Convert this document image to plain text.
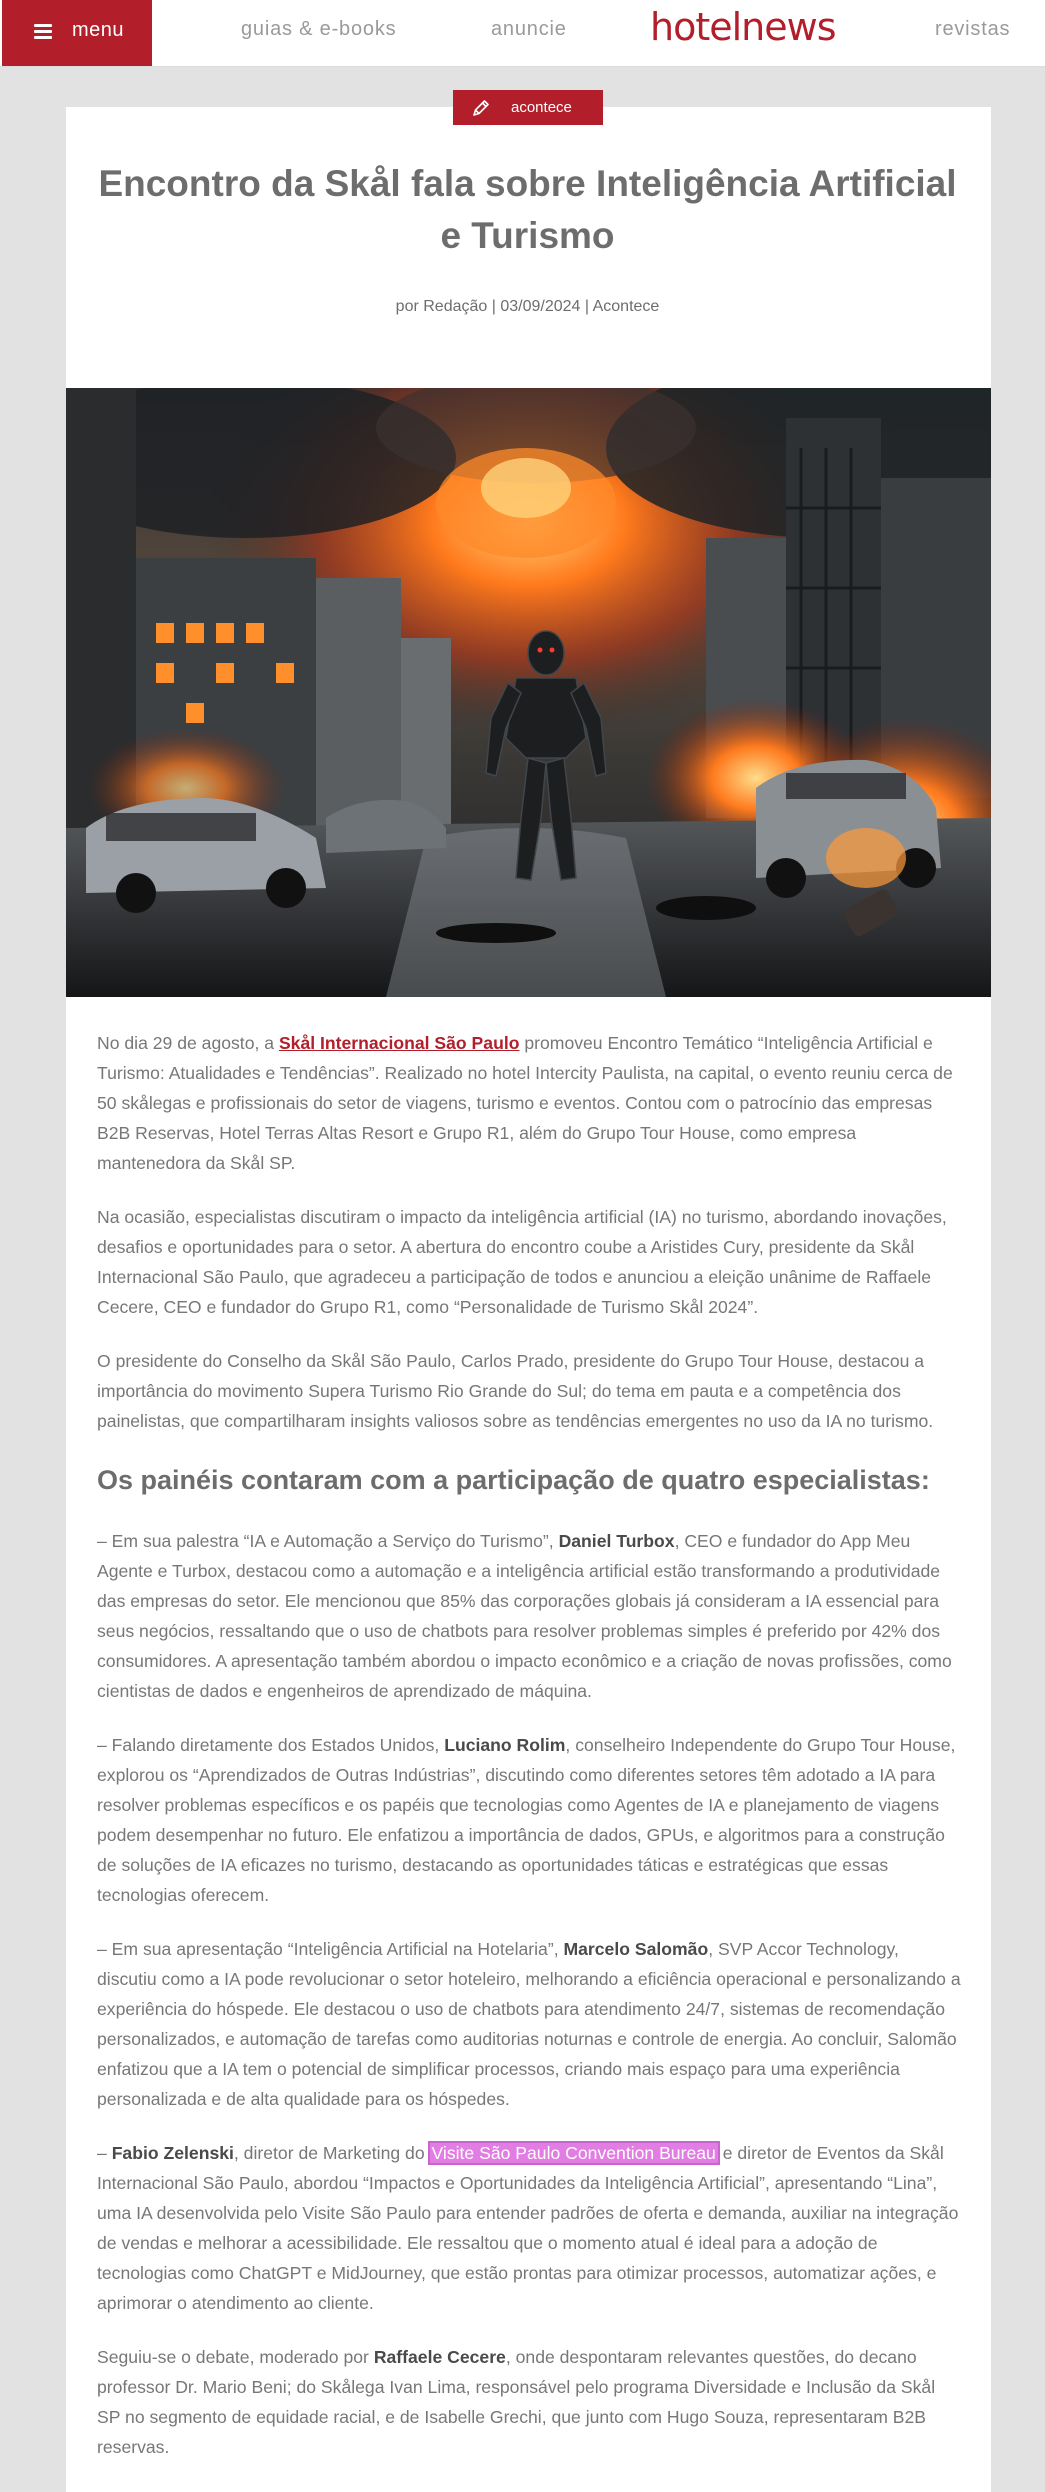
menu	guias & e-books	anuncie hotelnews	revistas
acontece
Encontro da Skål fala sobre Inteligência Artificial e Turismo
por Redação | 03/09/2024 | Acontece

No dia 29 de agosto, a Skål Internacional São Paulo promoveu Encontro Temático “Inteligência Artificial e Turismo: Atualidades e Tendências”. Realizado no hotel Intercity Paulista, na capital, o evento reuniu cerca de 50 skålegas e profissionais do setor de viagens, turismo e eventos. Contou com o patrocínio das empresas B2B Reservas, Hotel Terras Altas Resort e Grupo R1, além do Grupo Tour House, como empresa mantenedora da Skål SP.

Na ocasião, especialistas discutiram o impacto da inteligência artificial (IA) no turismo, abordando inovações, desafios e oportunidades para o setor. A abertura do encontro coube a Aristides Cury, presidente da Skål Internacional São Paulo, que agradeceu a participação de todos e anunciou a eleição unânime de Raffaele Cecere, CEO e fundador do Grupo R1, como “Personalidade de Turismo Skål 2024”.

O presidente do Conselho da Skål São Paulo, Carlos Prado, presidente do Grupo Tour House, destacou a importância do movimento Supera Turismo Rio Grande do Sul; do tema em pauta e a competência dos painelistas, que compartilharam insights valiosos sobre as tendências emergentes no uso da IA no turismo.

Os painéis contaram com a participação de quatro especialistas:

– Em sua palestra “IA e Automação a Serviço do Turismo”, Daniel Turbox, CEO e fundador do App Meu Agente e Turbox, destacou como a automação e a inteligência artificial estão transformando a produtividade das empresas do setor. Ele mencionou que 85% das corporações globais já consideram a IA essencial para seus negócios, ressaltando que o uso de chatbots para resolver problemas simples é preferido por 42% dos consumidores. A apresentação também abordou o impacto econômico e a criação de novas profissões, como cientistas de dados e engenheiros de aprendizado de máquina.

– Falando diretamente dos Estados Unidos, Luciano Rolim, conselheiro Independente do Grupo Tour House, explorou os “Aprendizados de Outras Indústrias”, discutindo como diferentes setores têm adotado a IA para resolver problemas específicos e os papéis que tecnologias como Agentes de IA e planejamento de viagens podem desempenhar no futuro. Ele enfatizou a importância de dados, GPUs, e algoritmos para a construção de soluções de IA eficazes no turismo, destacando as oportunidades táticas e estratégicas que essas tecnologias oferecem.

– Em sua apresentação “Inteligência Artificial na Hotelaria”, Marcelo Salomão, SVP Accor Technology, discutiu como a IA pode revolucionar o setor hoteleiro, melhorando a eficiência operacional e personalizando a experiência do hóspede. Ele destacou o uso de chatbots para atendimento 24/7, sistemas de recomendação personalizados, e automação de tarefas como auditorias noturnas e controle de energia. Ao concluir, Salomão enfatizou que a IA tem o potencial de simplificar processos, criando mais espaço para uma experiência personalizada e de alta qualidade para os hóspedes.

– Fabio Zelenski, diretor de Marketing do Visite São Paulo Convention Bureau e diretor de Eventos da Skål Internacional São Paulo, abordou “Impactos e Oportunidades da Inteligência Artificial”, apresentando “Lina”, uma IA desenvolvida pelo Visite São Paulo para entender padrões de oferta e demanda, auxiliar na integração de vendas e melhorar a acessibilidade. Ele ressaltou que o momento atual é ideal para a adoção de tecnologias como ChatGPT e MidJourney, que estão prontas para otimizar processos, automatizar ações, e aprimorar o atendimento ao cliente.

Seguiu-se o debate, moderado por Raffaele Cecere, onde despontaram relevantes questões, do decano professor Dr. Mario Beni; do Skålega Ivan Lima, responsável pelo programa Diversidade e Inclusão da Skål SP no segmento de equidade racial, e de Isabelle Grechi, que junto com Hugo Souza, representaram B2B reservas.
